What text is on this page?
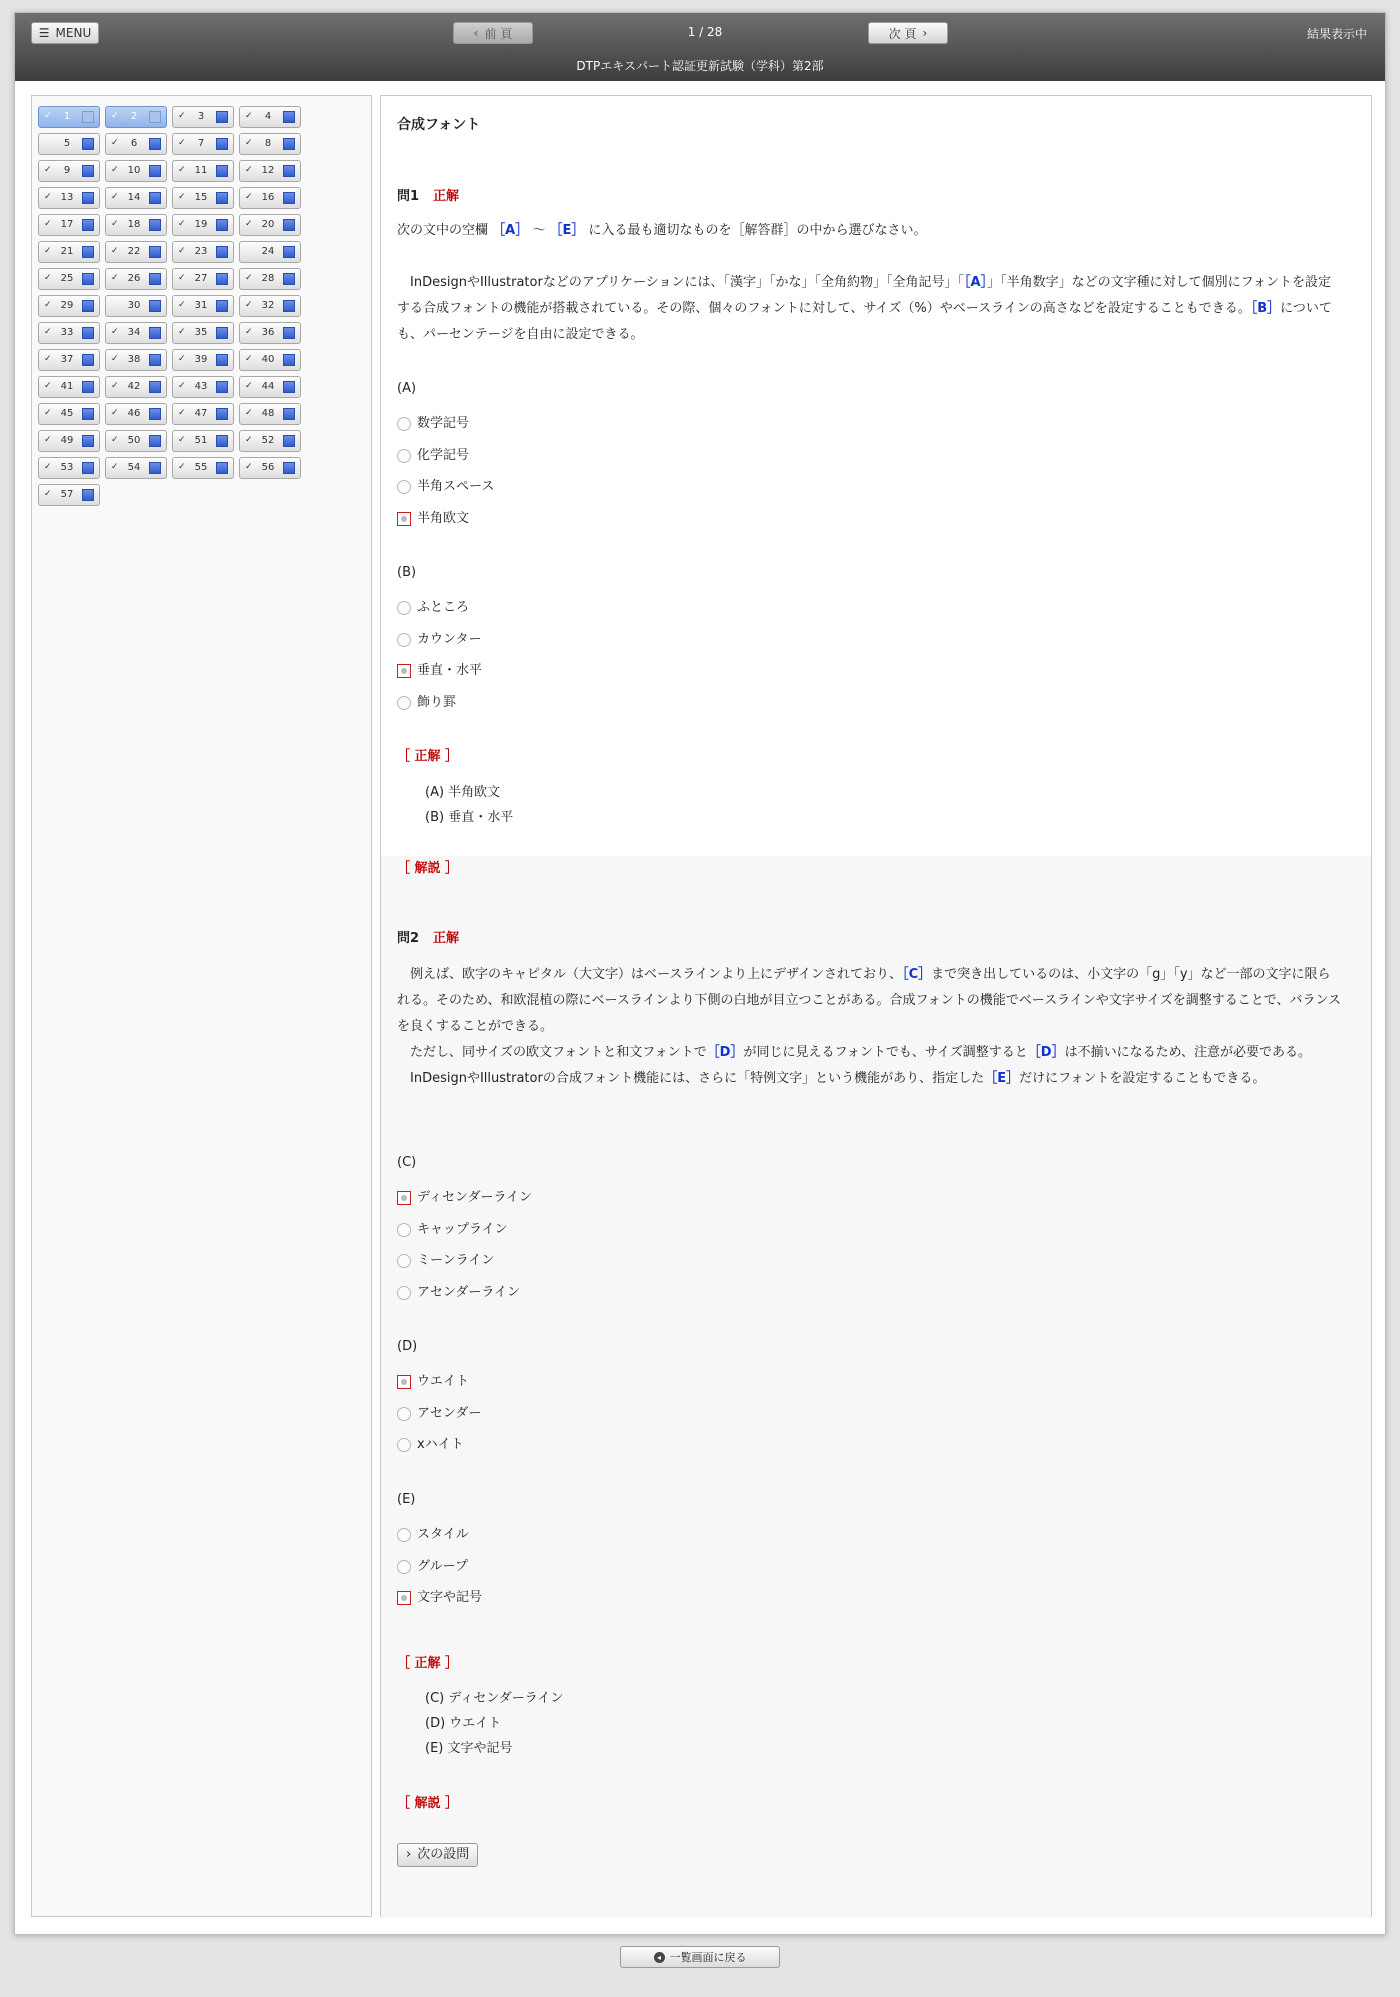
☰ MENU	‹ 前 頁	1 / 28	次 頁 ›	結果表示中
DTPエキスパート認証更新試験（学科）第2部
✓	1	✓	2	✓	3	✓	4
5	✓	6	✓	7	✓	8
✓	9	✓ 10	✓ 11	✓ 12
✓ 13	✓ 14	✓ 15	✓ 16
✓ 17	✓ 18	✓ 19	✓ 20
✓ 21	✓ 22	✓ 23	24
✓ 25	✓ 26	✓ 27	✓ 28
✓ 29	30	✓ 31	✓ 32
✓ 33	✓ 34	✓ 35	✓ 36
✓ 37	✓ 38	✓ 39	✓ 40
✓ 41	✓ 42	✓ 43	✓ 44
✓ 45	✓ 46	✓ 47	✓ 48
✓ 49	✓ 50	✓ 51	✓ 52
✓ 53	✓ 54	✓ 55	✓ 56
✓ 57
合成フォント
問1 正解
次の文中の空欄 ［A］ 〜 ［E］ に入る最も適切なものを［解答群］の中から選びなさい。
InDesignやIllustratorなどのアプリケーションには、「漢字」「かな」「全角約物」「全角記号」「［A］」「半角数字」などの文字種に対して個別にフォントを設定する合成フォントの機能が搭載されている。その際、個々のフォントに対して、サイズ（%）やベースラインの高さなどを設定することもできる。［B］についても、パーセンテージを自由に設定できる。
(A)
数学記号
化学記号
半角スペース
半角欧文
(B)
ふところ
カウンター
垂直・水平
飾り罫
［ 正解 ］
(A) 半角欧文
(B) 垂直・水平
［ 解説 ］
問2 正解
例えば、欧字のキャピタル（大文字）はベースラインより上にデザインされており、［C］まで突き出しているのは、小文字の「g」「y」など一部の文字に限られる。そのため、和欧混植の際にベースラインより下側の白地が目立つことがある。合成フォントの機能でベースラインや文字サイズを調整することで、バランスを良くすることができる。
ただし、同サイズの欧文フォントと和文フォントで［D］が同じに見えるフォントでも、サイズ調整すると［D］は不揃いになるため、注意が必要である。
InDesignやIllustratorの合成フォント機能には、さらに「特例文字」という機能があり、指定した［E］だけにフォントを設定することもできる。
(C)
ディセンダーライン
キャップライン
ミーンライン
アセンダーライン
(D)
ウエイト
アセンダー
xハイト
(E)
スタイル
グループ
文字や記号
［ 正解 ］
(C) ディセンダーライン
(D) ウエイト
(E) 文字や記号
［ 解説 ］
› 次の設問
◂ 一覧画面に戻る
